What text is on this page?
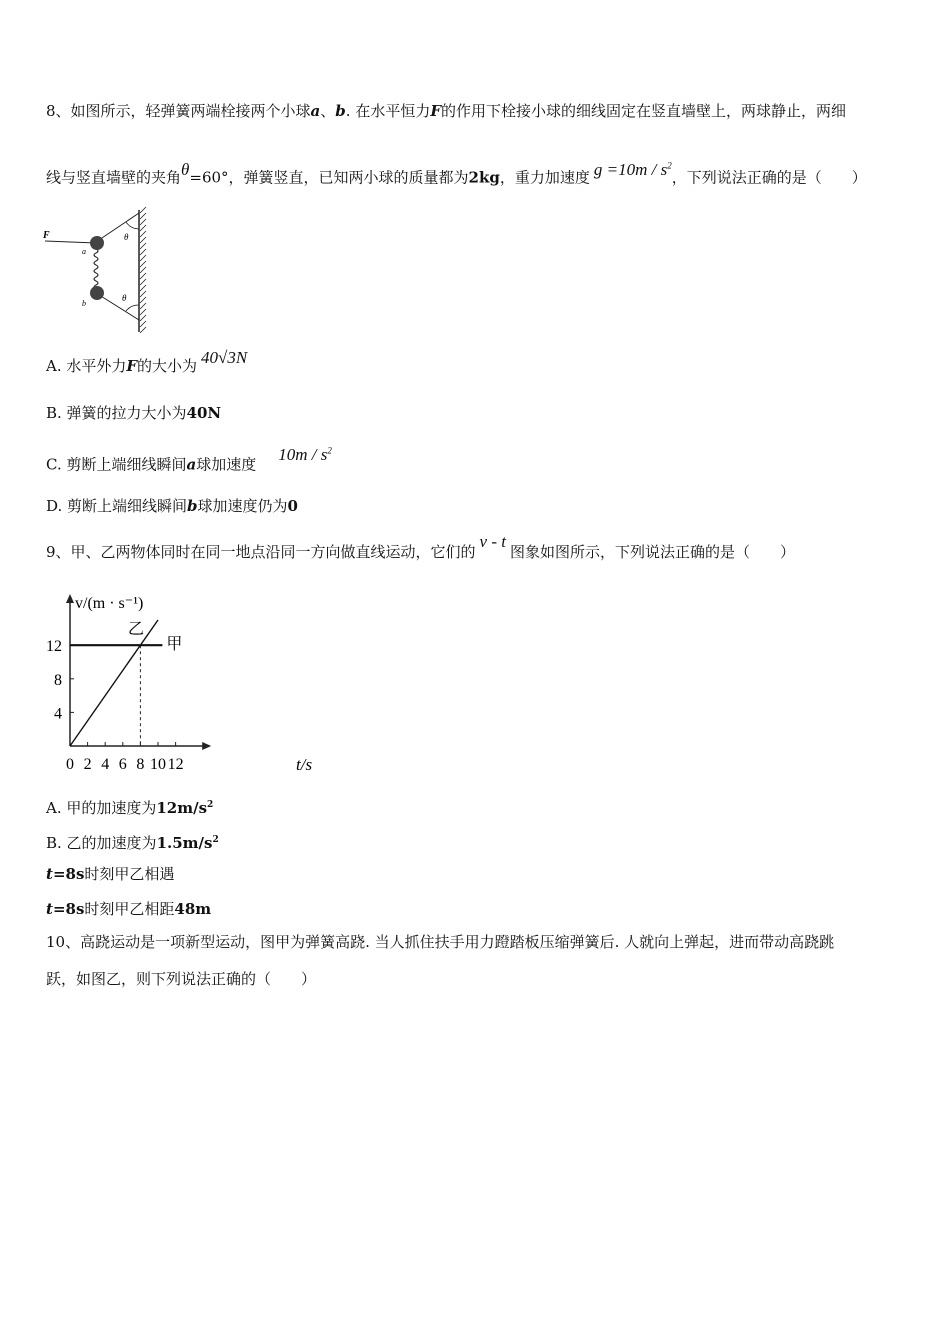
8、如图所示，轻弹簧两端栓接两个小球a、b. 在水平恒力F的作用下栓接小球的细线固定在竖直墙壁上，两球静止，两细
线与竖直墙壁的夹角θ=60°，弹簧竖直，已知两小球的质量都为2kg，重力加速度 $g =10m / s^2$，下列说法正确的是（　　）
F
a
b
θ
θ
A. 水平外力F的大小为 40√3N
B. 弹簧的拉力大小为40N
C. 剪断上端细线瞬间a球加速度$10m / s^2$
D. 剪断上端细线瞬间b球加速度仍为0
9、甲、乙两物体同时在同一地点沿同一方向做直线运动，它们的v - t图象如图所示，下列说法正确的是（　　）
v/(m · s⁻¹)
t/s
0 2 4 6 8 10 12
4
8
12	甲
乙
A. 甲的加速度为$12m/s^2$
B. 乙的加速度为$1.5m/s^2$
t=8s时刻甲乙相遇
t=8s时刻甲乙相距48m
10、高跷运动是一项新型运动，图甲为弹簧高跷. 当人抓住扶手用力蹬踏板压缩弹簧后. 人就向上弹起，进而带动高跷跳
跃，如图乙，则下列说法正确的（　　）
